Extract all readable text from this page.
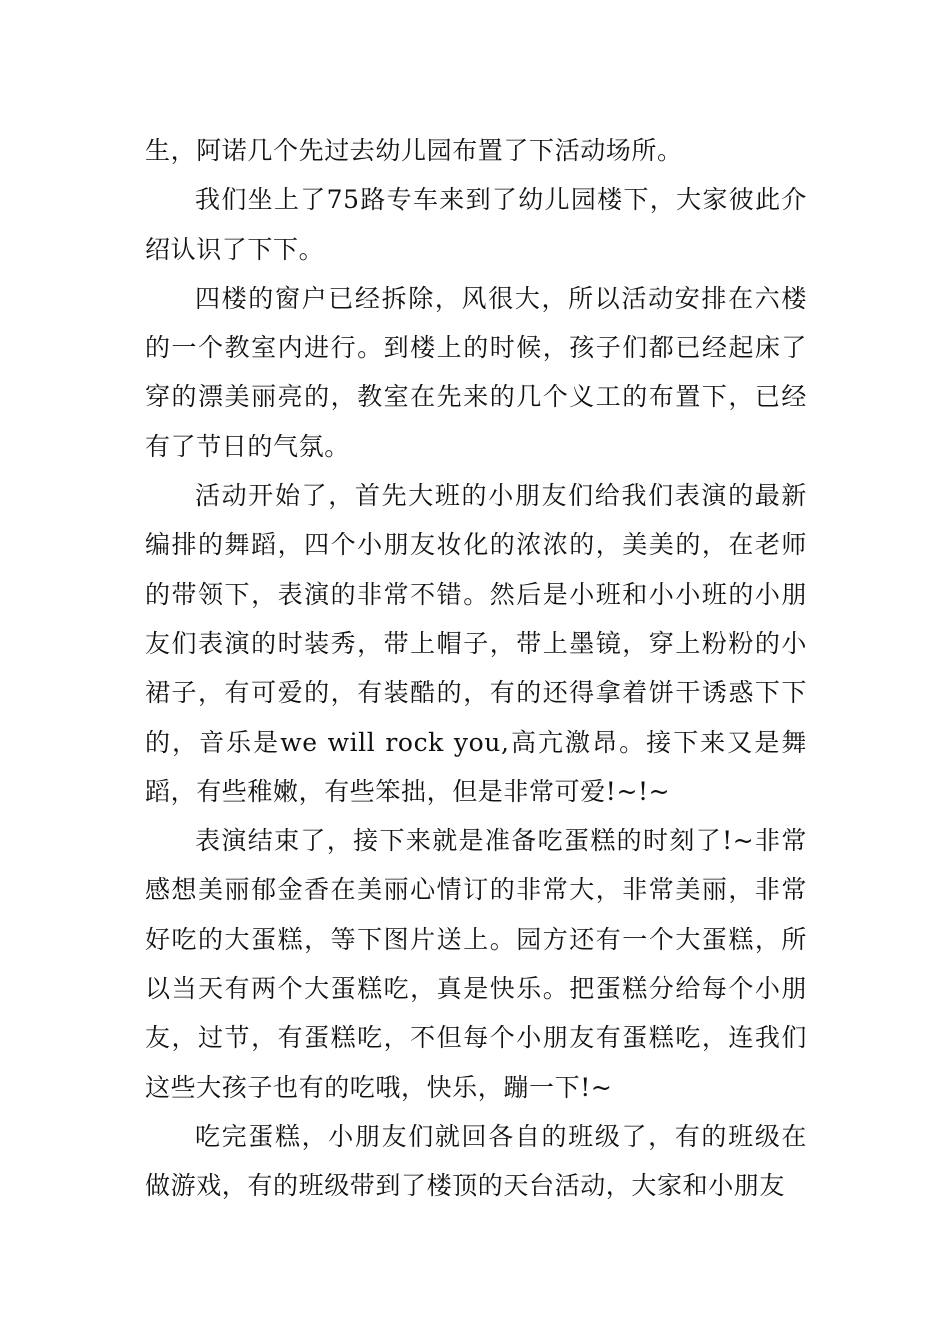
生，阿诺几个先过去幼儿园布置了下活动场所。

我们坐上了75路专车来到了幼儿园楼下，大家彼此介绍认识了下下。

四楼的窗户已经拆除，风很大，所以活动安排在六楼的一个教室内进行。到楼上的时候，孩子们都已经起床了穿的漂美丽亮的，教室在先来的几个义工的布置下，已经有了节日的气氛。

活动开始了，首先大班的小朋友们给我们表演的最新编排的舞蹈，四个小朋友妆化的浓浓的，美美的，在老师的带领下，表演的非常不错。然后是小班和小小班的小朋友们表演的时装秀，带上帽子，带上墨镜，穿上粉粉的小裙子，有可爱的，有装酷的，有的还得拿着饼干诱惑下下的，音乐是we will rock you,高亢激昂。接下来又是舞蹈，有些稚嫩，有些笨拙，但是非常可爱!~!~

表演结束了，接下来就是准备吃蛋糕的时刻了!~非常感想美丽郁金香在美丽心情订的非常大，非常美丽，非常好吃的大蛋糕，等下图片送上。园方还有一个大蛋糕，所以当天有两个大蛋糕吃，真是快乐。把蛋糕分给每个小朋友，过节，有蛋糕吃，不但每个小朋友有蛋糕吃，连我们这些大孩子也有的吃哦，快乐，蹦一下!~

吃完蛋糕，小朋友们就回各自的班级了，有的班级在做游戏，有的班级带到了楼顶的天台活动，大家和小朋友
